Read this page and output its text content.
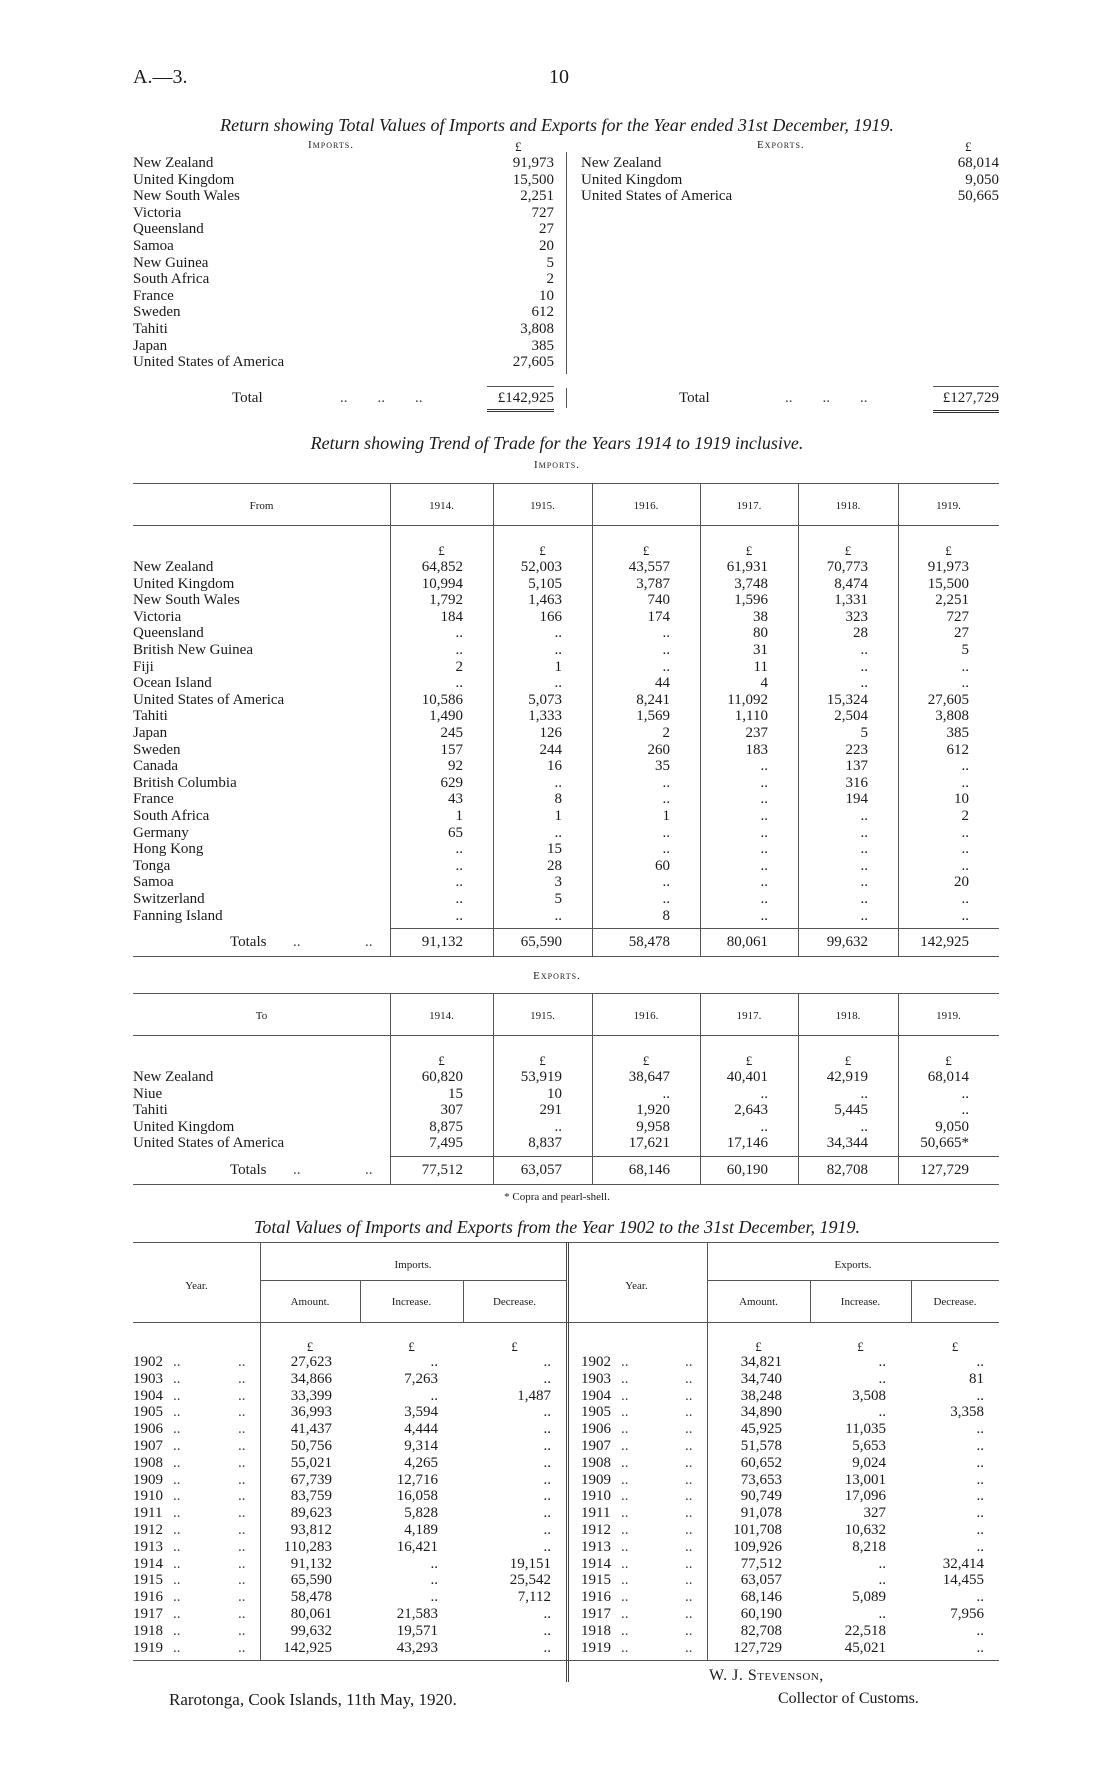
A.—3.	10
Return showing Total Values of Imports and Exports for the Year ended 31st December, 1919.
Imports.	Exports.
£	£
New Zealand	91,973
United Kingdom	15,500
New South Wales	2,251
Victoria	727
Queensland	27
Samoa	20
New Guinea	5
South Africa	2
France	10
Sweden	612
Tahiti	3,808
Japan	385
United States of America	27,605
New Zealand	68,014
United Kingdom	9,050
United States of America	50,665
Total	..        ..        ..	£142,925	Total	..        ..        ..	£127,729
Return showing Trend of Trade for the Years 1914 to 1919 inclusive.
Imports.
From	1914.	1915.	1916.	1917.	1918.	1919.
£	£	£	£	£	£
New Zealand	64,852	52,003	43,557	61,931	70,773	91,973
United Kingdom	10,994	5,105	3,787	3,748	8,474	15,500
New South Wales	1,792	1,463	740	1,596	1,331	2,251
Victoria	184	166	174	38	323	727
Queensland	..	..	..	80	28	27
British New Guinea	..	..	..	31	..	5
Fiji	2	1	..	11	..	..
Ocean Island	..	..	44	4	..	..
United States of America	10,586	5,073	8,241	11,092	15,324	27,605
Tahiti	1,490	1,333	1,569	1,110	2,504	3,808
Japan	245	126	2	237	5	385
Sweden	157	244	260	183	223	612
Canada	92	16	35	..	137	..
British Columbia	629	..	..	..	316	..
France	43	8	..	..	194	10
South Africa	1	1	1	..	..	2
Germany	65	..	..	..	..	..
Hong Kong	..	15	..	..	..	..
Tonga	..	28	60	..	..	..
Samoa	..	3	..	..	..	20
Switzerland	..	5	..	..	..	..
Fanning Island	..	..	8	..	..	..
Totals ..	..	91,132	65,590	58,478	80,061	99,632	142,925
Exports.
To	1914.	1915.	1916.	1917.	1918.	1919.
£	£	£	£	£	£
New Zealand	60,820	53,919	38,647	40,401	42,919	68,014
Niue	15	10	..	..	..	..
Tahiti	307	291	1,920	2,643	5,445	..
United Kingdom	8,875	..	9,958	..	..	9,050
United States of America	7,495	8,837	17,621	17,146	34,344	50,665*
Totals ..	..	77,512	63,057	68,146	60,190	82,708	127,729
* Copra and pearl-shell.
Total Values of Imports and Exports from the Year 1902 to the 31st December, 1919.
Year.
Imports.
Amount.	Increase.	Decrease.
£	£	£
1902 ..	..	27,623	..	..
1903 ..	..	34,866	7,263	..
1904 ..	..	33,399	..	1,487
1905 ..	..	36,993	3,594	..
1906 ..	..	41,437	4,444	..
1907 ..	..	50,756	9,314	..
1908 ..	..	55,021	4,265	..
1909 ..	..	67,739	12,716	..
1910 ..	..	83,759	16,058	..
1911 ..	..	89,623	5,828	..
1912 ..	..	93,812	4,189	..
1913 ..	..	110,283	16,421	..
1914 ..	..	91,132	..	19,151
1915 ..	..	65,590	..	25,542
1916 ..	..	58,478	..	7,112
1917 ..	..	80,061	21,583	..
1918 ..	..	99,632	19,571	..
1919 ..	..	142,925	43,293	..
Year.
Exports.
Amount.	Increase.	Decrease.
£	£	£
1902 ..	..	34,821	..	..
1903 ..	..	34,740	..	81
1904 ..	..	38,248	3,508	..
1905 ..	..	34,890	..	3,358
1906 ..	..	45,925	11,035	..
1907 ..	..	51,578	5,653	..
1908 ..	..	60,652	9,024	..
1909 ..	..	73,653	13,001	..
1910 ..	..	90,749	17,096	..
1911 ..	..	91,078	327	..
1912 ..	..	101,708	10,632	..
1913 ..	..	109,926	8,218	..
1914 ..	..	77,512	..	32,414
1915 ..	..	63,057	..	14,455
1916 ..	..	68,146	5,089	..
1917 ..	..	60,190	..	7,956
1918 ..	..	82,708	22,518	..
1919 ..	..	127,729	45,021	..
Rarotonga, Cook Islands, 11th May, 1920.
W. J. Stevenson,
Collector of Customs.
